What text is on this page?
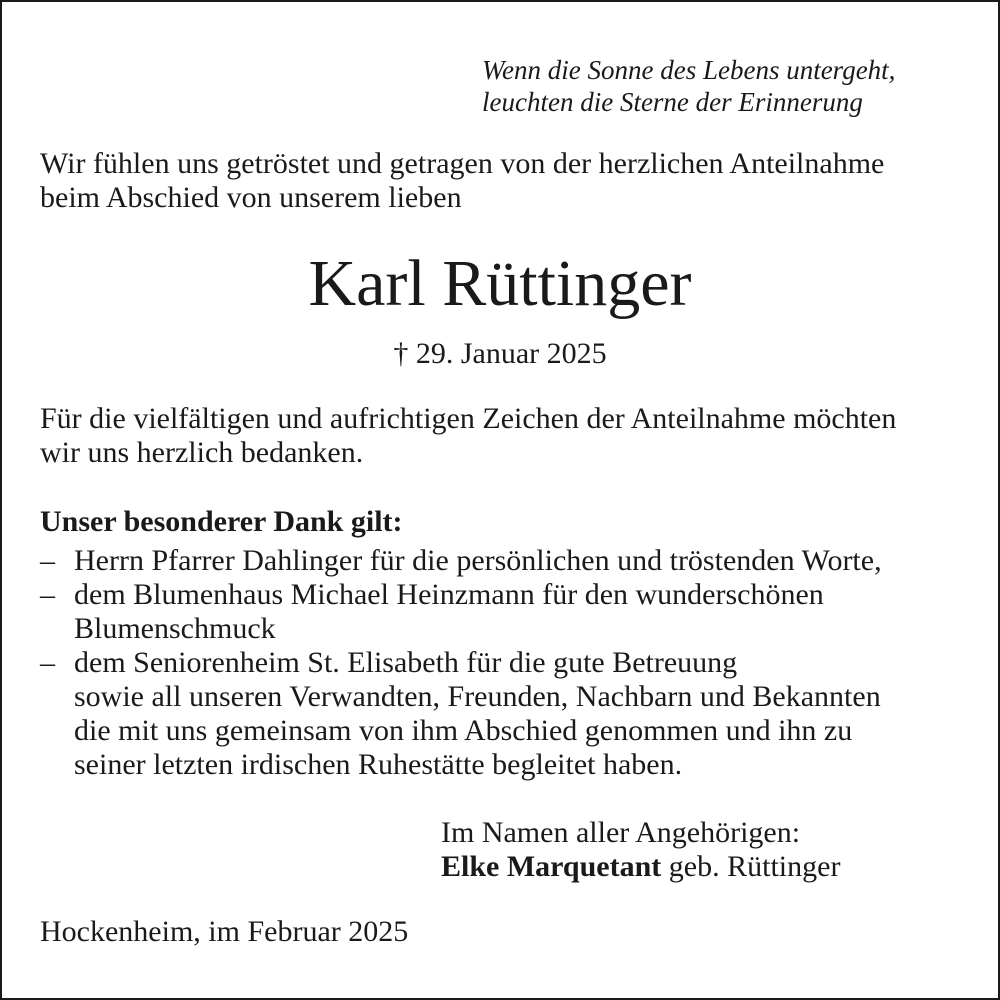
Wenn die Sonne des Lebens untergeht,
leuchten die Sterne der Erinnerung
Wir fühlen uns getröstet und getragen von der herzlichen Anteilnahme
beim Abschied von unserem lieben
Karl Rüttinger
† 29. Januar 2025
Für die vielfältigen und aufrichtigen Zeichen der Anteilnahme möchten
wir uns herzlich bedanken.
Unser besonderer Dank gilt:
– Herrn Pfarrer Dahlinger für die persönlichen und tröstenden Worte,
– dem Blumenhaus Michael Heinzmann für den wunderschönen
Blumenschmuck
– dem Seniorenheim St. Elisabeth für die gute Betreuung
sowie all unseren Verwandten, Freunden, Nachbarn und Bekannten
die mit uns gemeinsam von ihm Abschied genommen und ihn zu
seiner letzten irdischen Ruhestätte begleitet haben.
Im Namen aller Angehörigen:
Elke Marquetant geb. Rüttinger
Hockenheim, im Februar 2025
